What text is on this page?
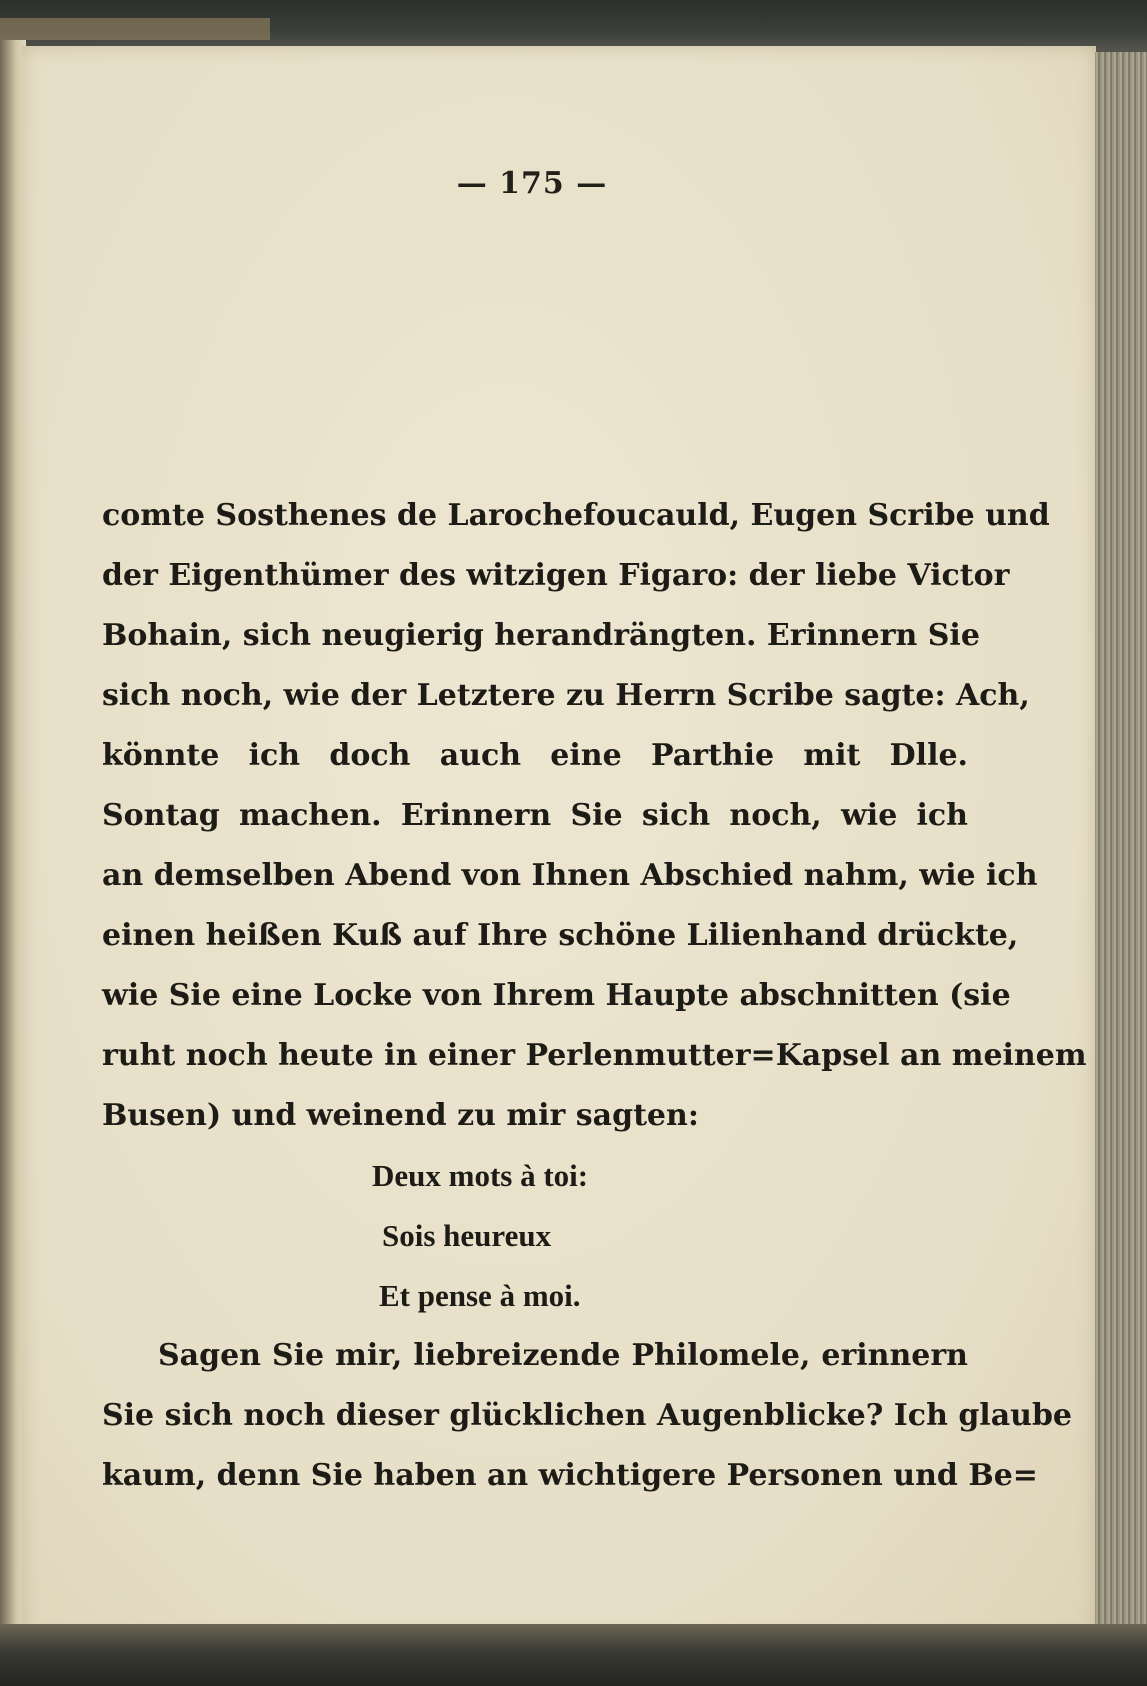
— 175 —
comte Sosthenes de Larochefoucauld, Eugen Scribe und
der Eigenthümer des witzigen Figaro: der liebe Victor
Bohain, sich neugierig herandrängten. Erinnern Sie
sich noch, wie der Letztere zu Herrn Scribe sagte: Ach,
könnte ich doch auch eine Parthie mit Dlle.
Sontag machen. Erinnern Sie sich noch, wie ich
an demselben Abend von Ihnen Abschied nahm, wie ich
einen heißen Kuß auf Ihre schöne Lilienhand drückte,
wie Sie eine Locke von Ihrem Haupte abschnitten (sie
ruht noch heute in einer Perlenmutter=Kapsel an meinem
Busen) und weinend zu mir sagten:
Deux mots à toi:
Sois heureux
Et pense à moi.
Sagen Sie mir, liebreizende Philomele, erinnern
Sie sich noch dieser glücklichen Augenblicke? Ich glaube
kaum, denn Sie haben an wichtigere Personen und Be=
